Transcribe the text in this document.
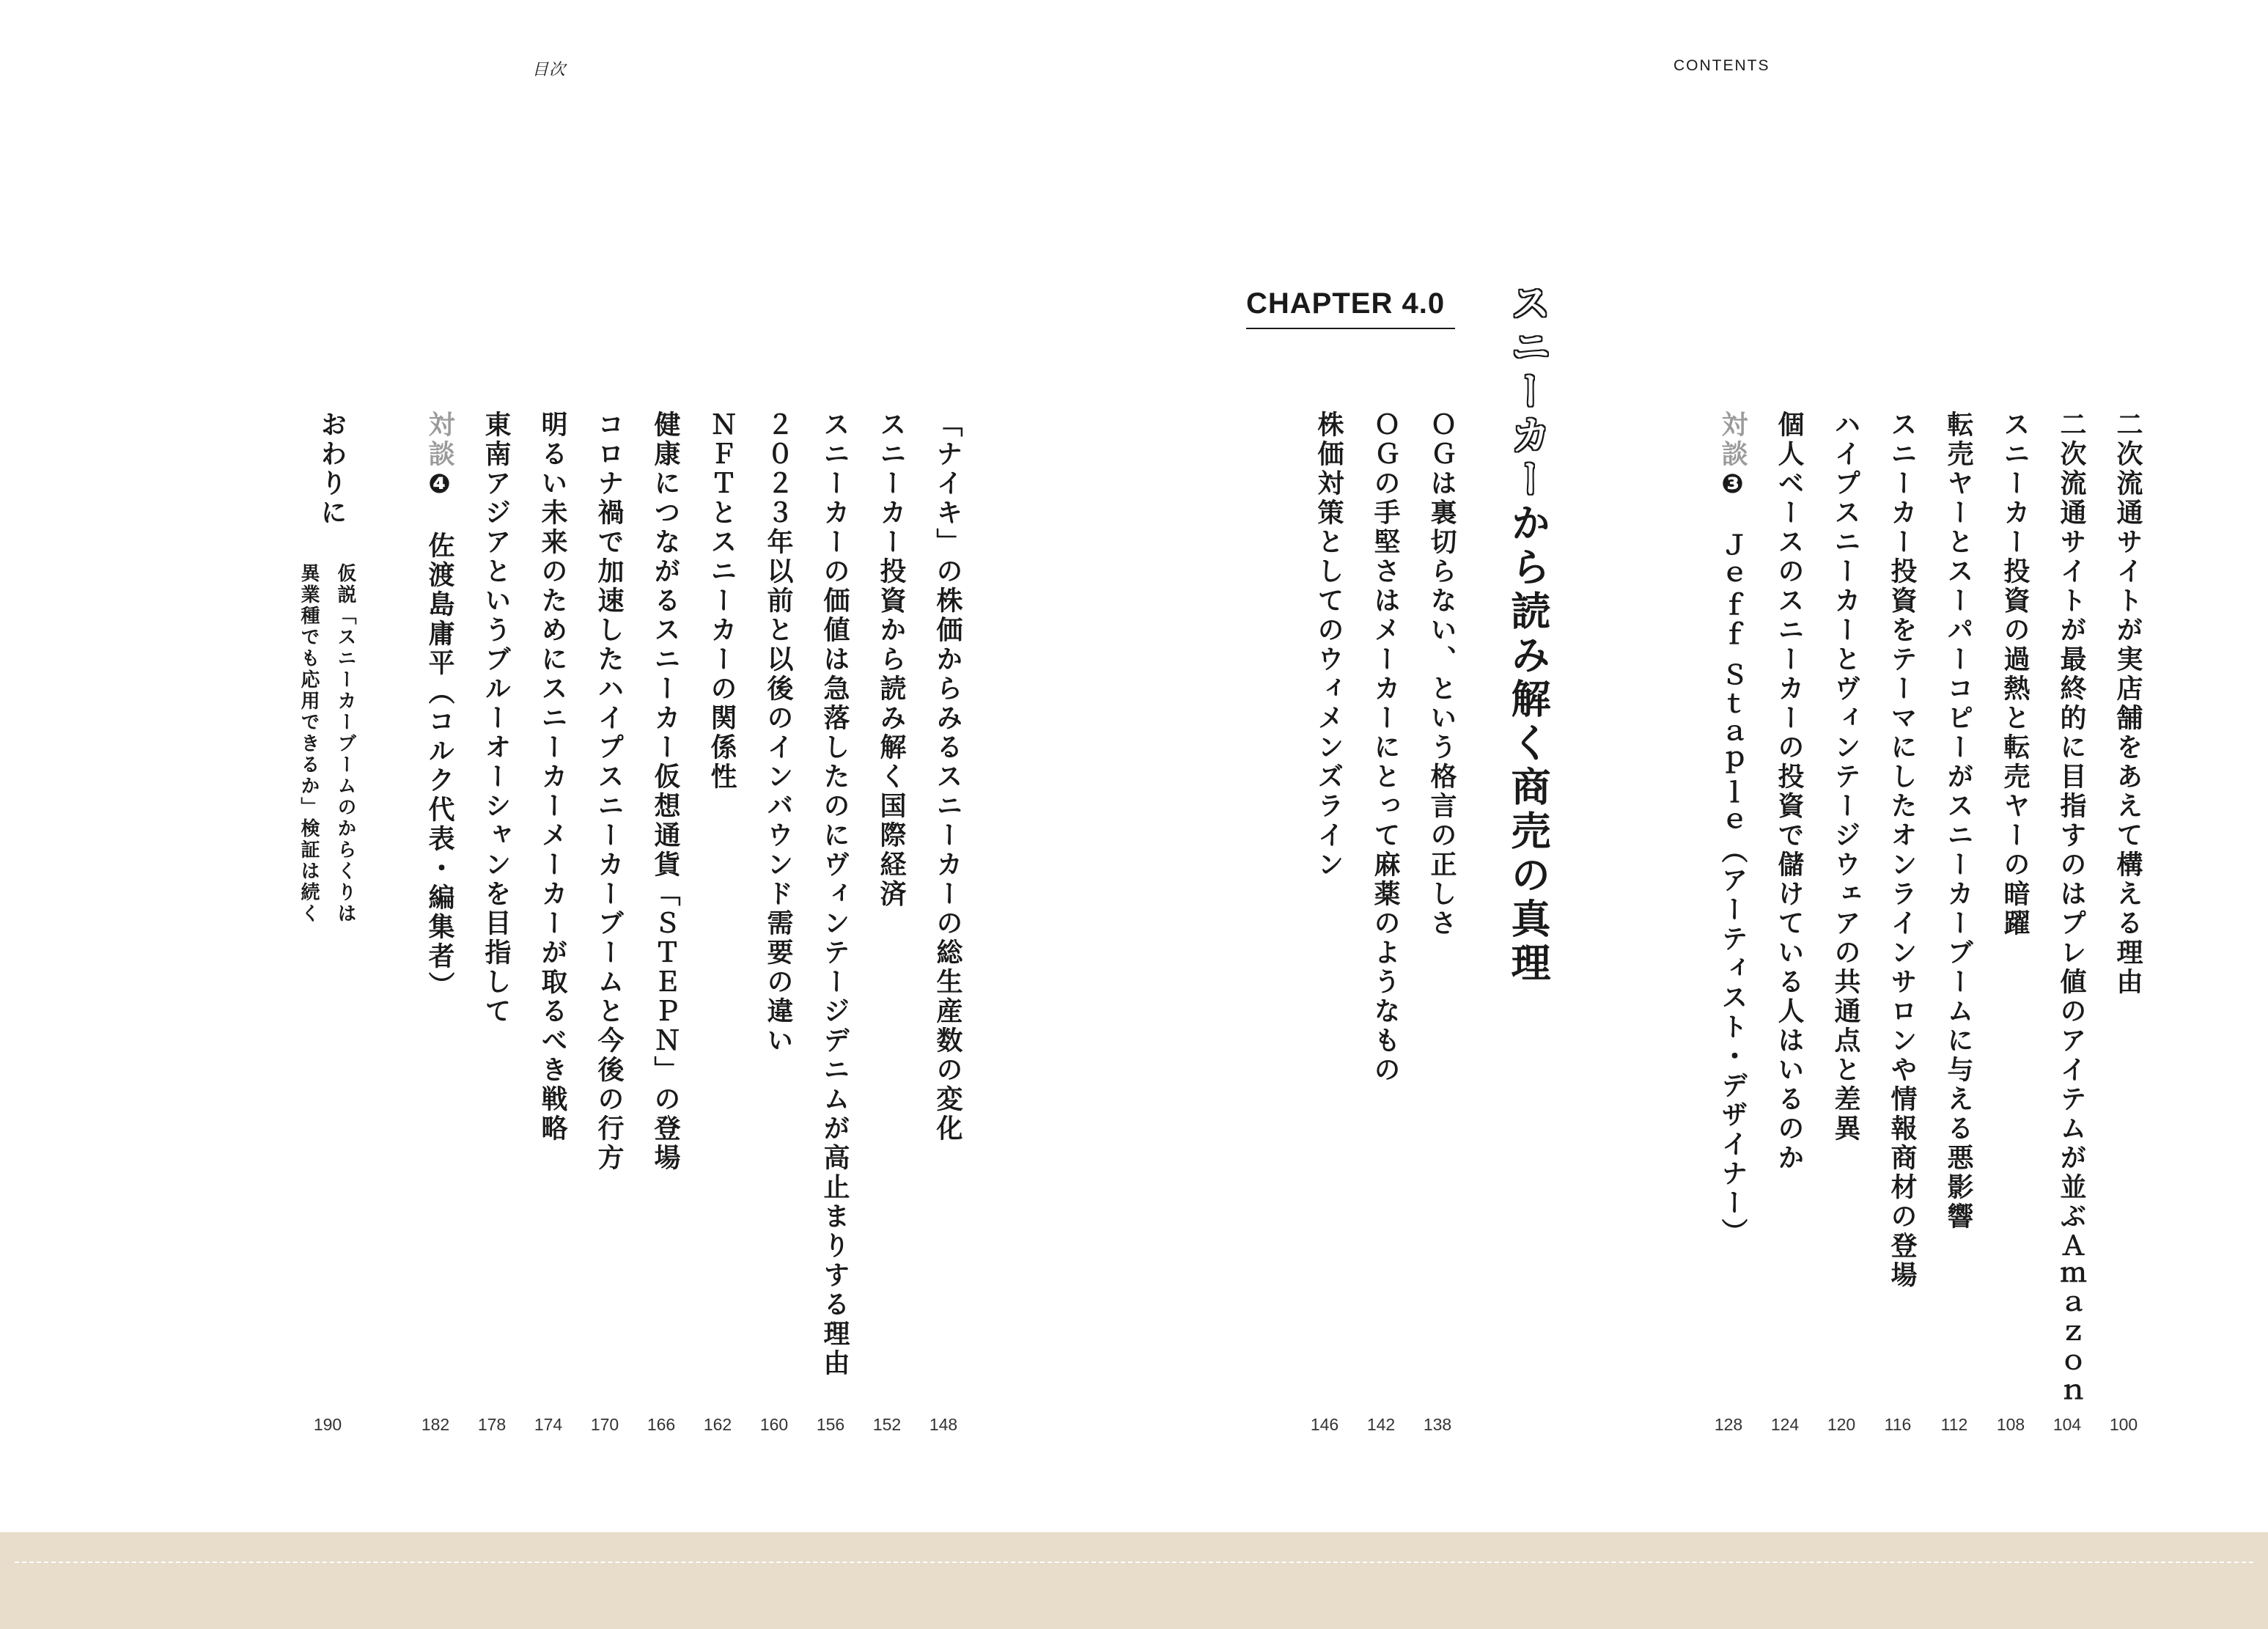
目次	CONTENTS
二次流通サイトが実店舗をあえて構える理由
二次流通サイトが最終的に目指すのはプレ値のアイテムが並ぶＡｍａｚｏｎ
スニーカー投資の過熱と転売ヤーの暗躍
転売ヤーとスーパーコピーがスニーカーブームに与える悪影響
スニーカー投資をテーマにしたオンラインサロンや情報商材の登場
ハイプスニーカーとヴィンテージウェアの共通点と差異
個人ベースのスニーカーの投資で儲けている人はいるのか
対談❸　Ｊｅｆｆ Ｓｔａｐｌｅ（アーティスト・デザイナー）
CHAPTER 4.0 スニーカーから読み解く商売の真理
ＯＧは裏切らない、という格言の正しさ
ＯＧの手堅さはメーカーにとって麻薬のようなもの
株価対策としてのウィメンズライン
「ナイキ」の株価からみるスニーカーの総生産数の変化
スニーカー投資から読み解く国際経済
スニーカーの価値は急落したのにヴィンテージデニムが高止まりする理由
２０２３年以前と以後のインバウンド需要の違い
ＮＦＴとスニーカーの関係性
健康につながるスニーカー仮想通貨「ＳＴＥＰＮ」の登場
コロナ禍で加速したハイプスニーカーブームと今後の行方
明るい未来のためにスニーカーメーカーが取るべき戦略
東南アジアというブルーオーシャンを目指して
対談❹　佐渡島庸平（コルク代表・編集者）
おわりに
仮説「スニーカーブームのからくりは
異業種でも応用できるか」検証は続く
100
104
108
112
116
120
124
128
138
142
146
148
152
156
160
162
166
170
174
178
182
190
